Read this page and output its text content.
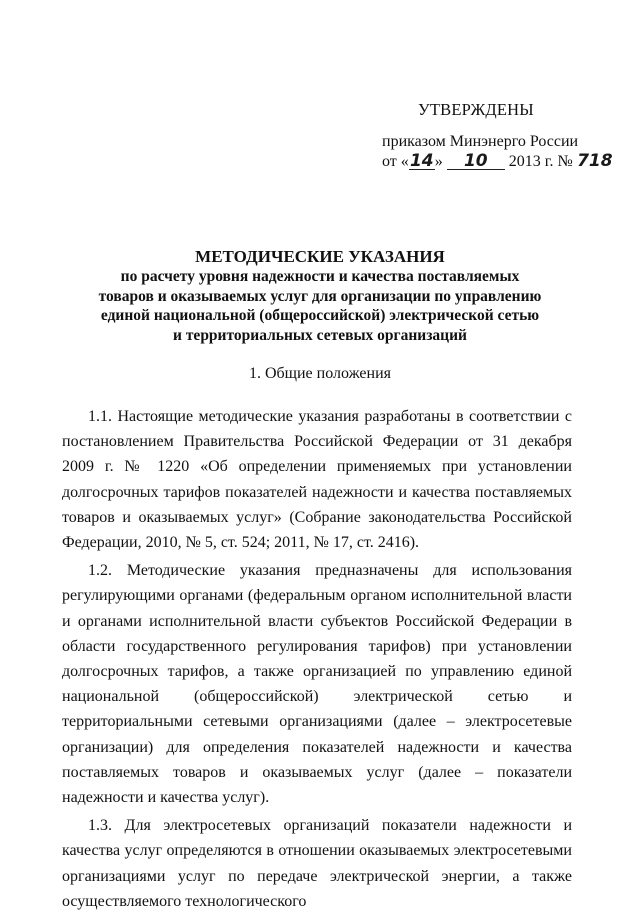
УТВЕРЖДЕНЫ
приказом Минэнерго России
от «14» 10 2013 г. № 718
МЕТОДИЧЕСКИЕ УКАЗАНИЯ
по расчету уровня надежности и качества поставляемых
товаров и оказываемых услуг для организации по управлению
единой национальной (общероссийской) электрической сетью
и территориальных сетевых организаций
1. Общие положения

1.1. Настоящие методические указания разработаны в соответствии с постановлением Правительства Российской Федерации от 31 декабря 2009 г. № 1220 «Об определении применяемых при установлении долгосрочных тарифов показателей надежности и качества поставляемых товаров и оказываемых услуг» (Собрание законодательства Российской Федерации, 2010, № 5, ст. 524; 2011, № 17, ст. 2416).

1.2. Методические указания предназначены для использования регулирующими органами (федеральным органом исполнительной власти и органами исполнительной власти субъектов Российской Федерации в области государственного регулирования тарифов) при установлении долгосрочных тарифов, а также организацией по управлению единой национальной (общероссийской) электрической сетью и территориальными сетевыми организациями (далее – электросетевые организации) для определения показателей надежности и качества поставляемых товаров и оказываемых услуг (далее – показатели надежности и качества услуг).

1.3. Для электросетевых организаций показатели надежности и качества услуг определяются в отношении оказываемых электросетевыми организациями услуг по передаче электрической энергии, а также осуществляемого технологического
